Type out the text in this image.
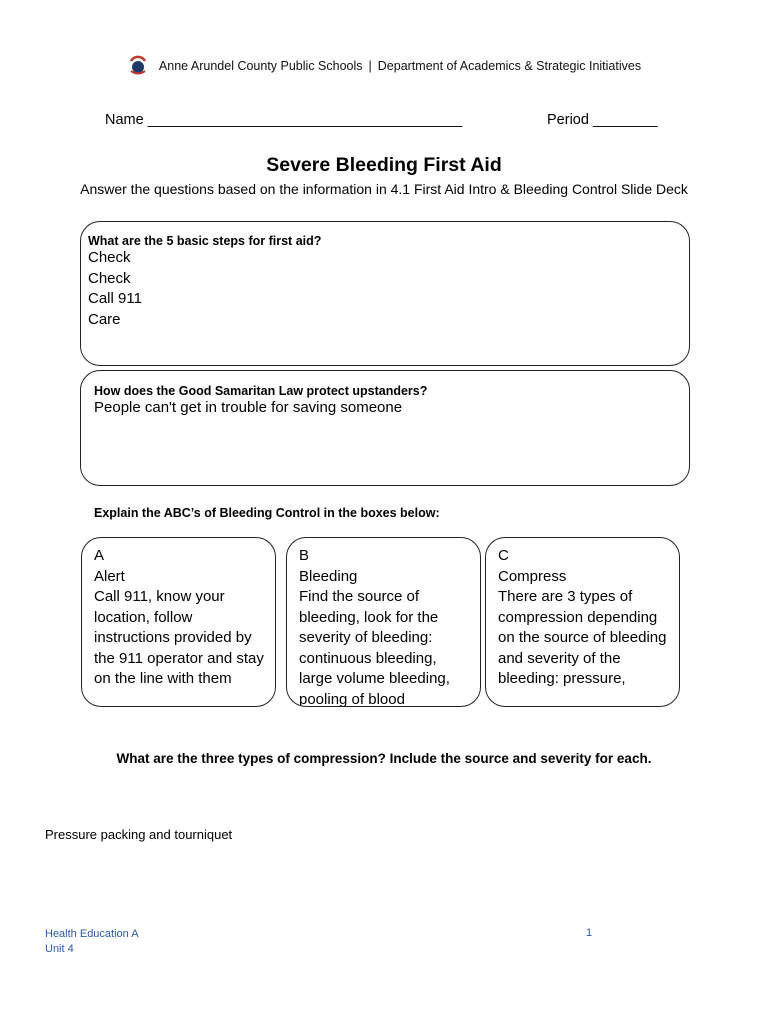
Anne Arundel County Public Schools | Department of Academics & Strategic Initiatives
Name _______________________________________	Period ________
Severe Bleeding First Aid
Answer the questions based on the information in 4.1 First Aid Intro & Bleeding Control Slide Deck
What are the 5 basic steps for first aid?
Check
Check
Call 911
Care
How does the Good Samaritan Law protect upstanders?
People can't get in trouble for saving someone
Explain the ABC’s of Bleeding Control in the boxes below:
A
Alert
Call 911, know your location, follow instructions provided by the 911 operator and stay on the line with them
B
Bleeding
Find the source of bleeding, look for the severity of bleeding: continuous bleeding, large volume bleeding, pooling of blood
C
Compress
There are 3 types of compression depending on the source of bleeding and severity of the bleeding: pressure,
What are the three types of compression? Include the source and severity for each.
Pressure packing and tourniquet
Health Education A
Unit 4
1
